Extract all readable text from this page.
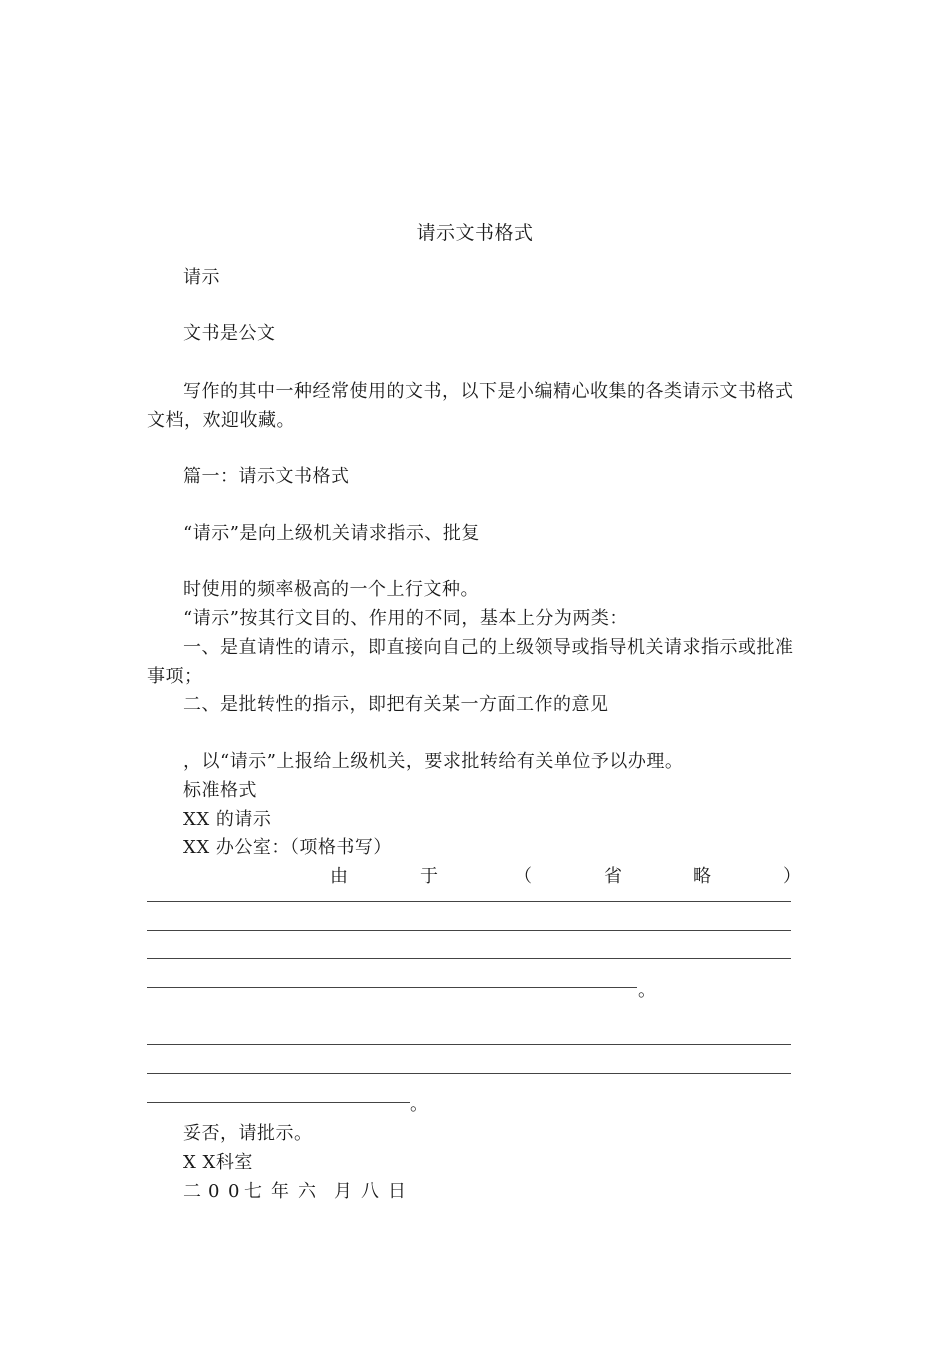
请示文书格式
请示
文书是公文
写作的其中一种经常使用的文书，以下是小编精心收集的各类请示文书格式
文档，欢迎收藏。
篇一：请示文书格式
“请示”是向上级机关请求指示、批复
时使用的频率极高的一个上行文种。
“请示”按其行文目的、作用的不同，基本上分为两类：
一、是直请性的请示，即直接向自己的上级领导或指导机关请求指示或批准
事项；
二、是批转性的指示，即把有关某一方面工作的意见
，以“请示”上报给上级机关，要求批转给有关单位予以办理。
标准格式
XX 的请示
XX 办公室：（项格书写）
由	于	（	省	略	）
。
。
妥否，请批示。
X X科室
二 0 0 七 年 六 月 八 日
